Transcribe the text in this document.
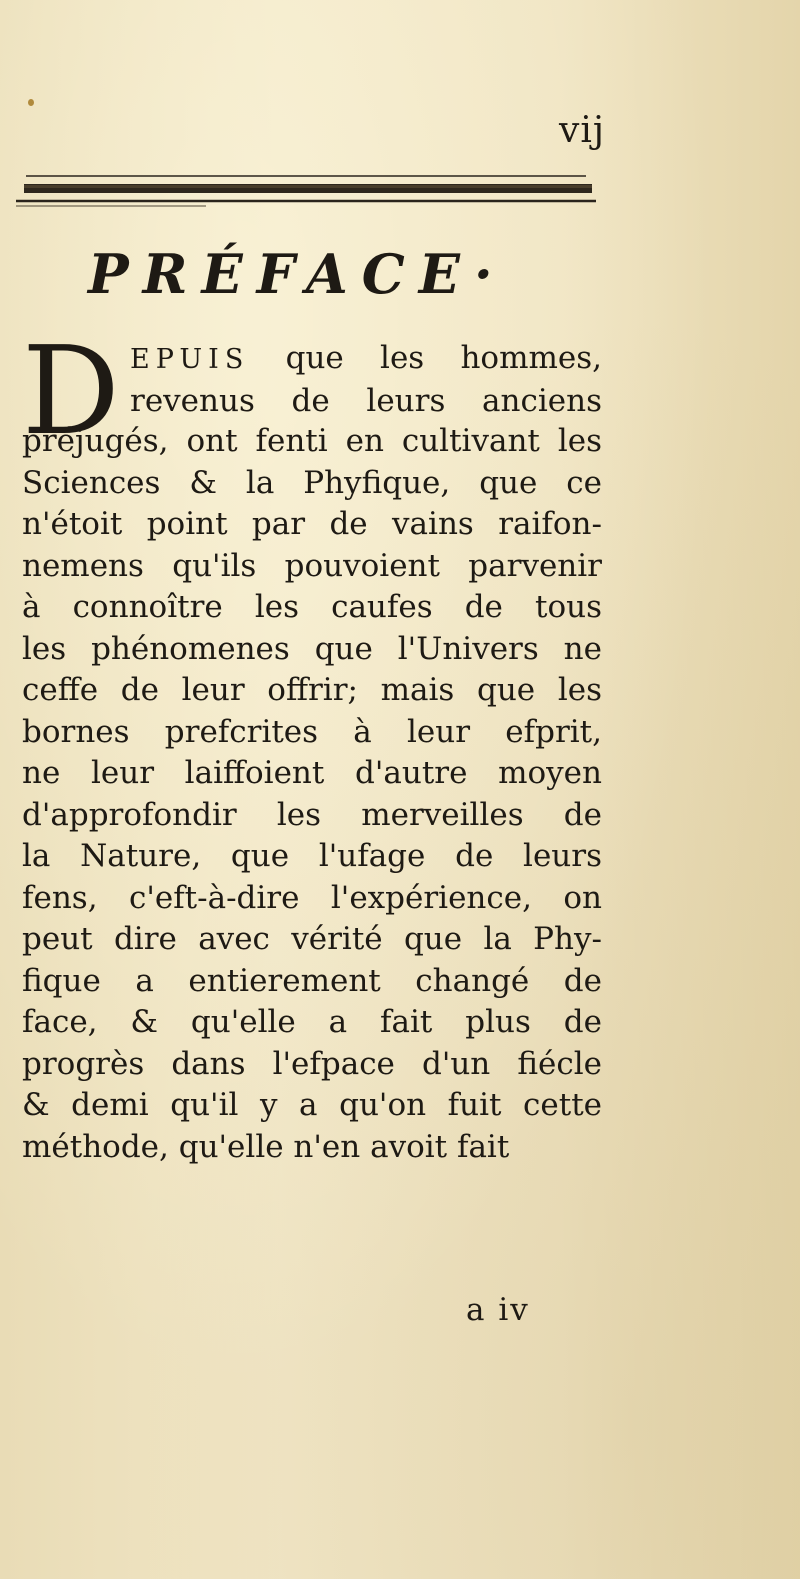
vij
PRÉFACE·
D EPUIS que les hommes,
revenus de leurs anciens
préjugés, ont fenti en cultivant les
Sciences & la Phyfique, que ce
n'étoit point par de vains raifon-
nemens qu'ils pouvoient parvenir
à connoître les caufes de tous
les phénomenes que l'Univers ne
ceffe de leur offrir; mais que les
bornes prefcrites à leur efprit,
ne leur laiffoient d'autre moyen
d'approfondir les merveilles de
la Nature, que l'ufage de leurs
fens, c'eft-à-dire l'expérience, on
peut dire avec vérité que la Phy-
fique a entierement changé de
face, & qu'elle a fait plus de
progrès dans l'efpace d'un fiécle
& demi qu'il y a qu'on fuit cette
méthode, qu'elle n'en avoit fait
a iv
